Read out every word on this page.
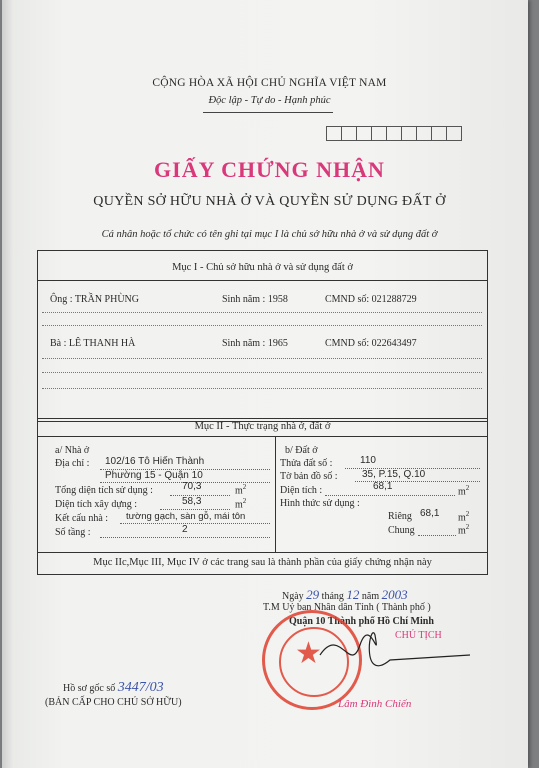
CỘNG HÒA XÃ HỘI CHỦ NGHĨA VIỆT NAM
Độc lập - Tự do - Hạnh phúc
GIẤY CHỨNG NHẬN
QUYỀN SỞ HỮU NHÀ Ở VÀ QUYỀN SỬ DỤNG ĐẤT Ở
Cá nhân hoặc tổ chức có tên ghi tại mục I là chủ sở hữu nhà ở và sử dụng đất ở
Mục I - Chủ sở hữu nhà ở và sử dụng đất ở
Ông : TRẦN PHÙNG	Sinh năm : 1958	CMND số: 021288729
Bà : LÊ THANH HÀ	Sinh năm : 1965	CMND số: 022643497
Mục II - Thực trạng nhà ở, đất ở
a/ Nhà ở
Địa chỉ : 102/16 Tô Hiến Thành
Phường 15 - Quận 10
Tổng diện tích sử dụng :	70,3	$m^2$
Diện tích xây dựng :	58,3	$m^2$
Kết cấu nhà : tường gạch, sàn gỗ, mái tôn
Số tầng :	2
b/ Đất ở
Thửa đất số :	110
Tờ bản đồ số : 35, P.15, Q.10
Diện tích :	68,1	$m^2$
Hình thức sử dụng :
Riêng 68,1 $m^2$
Chung	$m^2$
Mục IIc,Mục III, Mục IV ở các trang sau là thành phần của giấy chứng nhận này
Ngày 29 tháng 12 năm 2003
T.M Uỷ ban Nhân dân Tỉnh ( Thành phố )
Quận 10 Thành phố Hồ Chí Minh
CHỦ TỊCH
★
Lâm Đình Chiến
Hồ sơ gốc số 3447/03
(BẢN CẤP CHO CHỦ SỞ HỮU)
